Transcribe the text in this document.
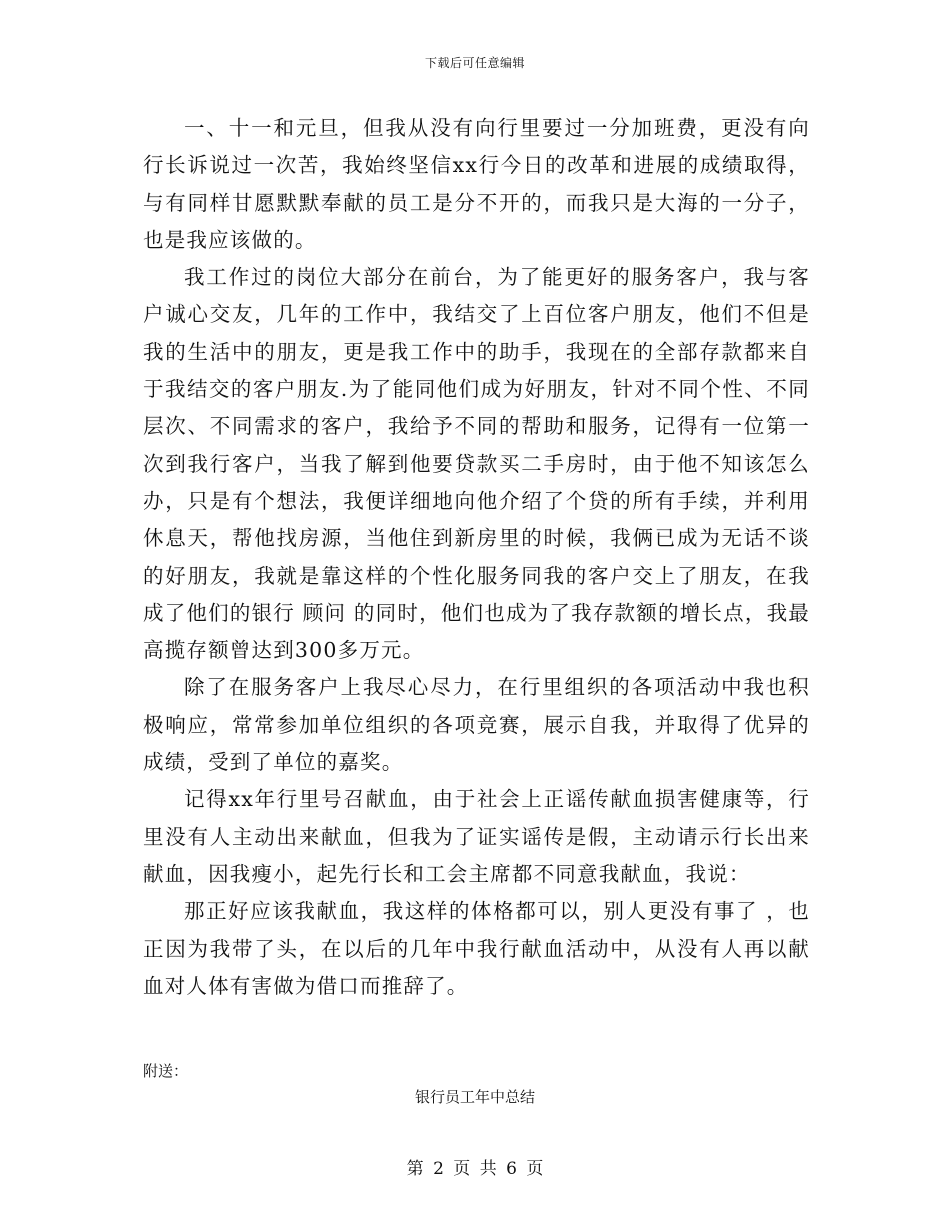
下载后可任意编辑

一、十一和元旦，但我从没有向行里要过一分加班费，更没有向行长诉说过一次苦，我始终坚信xx行今日的改革和进展的成绩取得，与有同样甘愿默默奉献的员工是分不开的，而我只是大海的一分子，也是我应该做的。

我工作过的岗位大部分在前台，为了能更好的服务客户，我与客户诚心交友，几年的工作中，我结交了上百位客户朋友，他们不但是我的生活中的朋友，更是我工作中的助手，我现在的全部存款都来自于我结交的客户朋友.为了能同他们成为好朋友，针对不同个性、不同层次、不同需求的客户，我给予不同的帮助和服务，记得有一位第一次到我行客户，当我了解到他要贷款买二手房时，由于他不知该怎么办，只是有个想法，我便详细地向他介绍了个贷的所有手续，并利用休息天，帮他找房源，当他住到新房里的时候，我俩已成为无话不谈的好朋友，我就是靠这样的个性化服务同我的客户交上了朋友，在我成了他们的银行 顾问 的同时，他们也成为了我存款额的增长点，我最高揽存额曾达到300多万元。

除了在服务客户上我尽心尽力，在行里组织的各项活动中我也积极响应，常常参加单位组织的各项竞赛，展示自我，并取得了优异的成绩，受到了单位的嘉奖。

记得xx年行里号召献血，由于社会上正谣传献血损害健康等，行里没有人主动出来献血，但我为了证实谣传是假，主动请示行长出来献血，因我瘦小，起先行长和工会主席都不同意我献血，我说：

那正好应该我献血，我这样的体格都可以，别人更没有事了 ，也正因为我带了头，在以后的几年中我行献血活动中，从没有人再以献血对人体有害做为借口而推辞了。

附送：
银行员工年中总结
第 2 页 共 6 页
